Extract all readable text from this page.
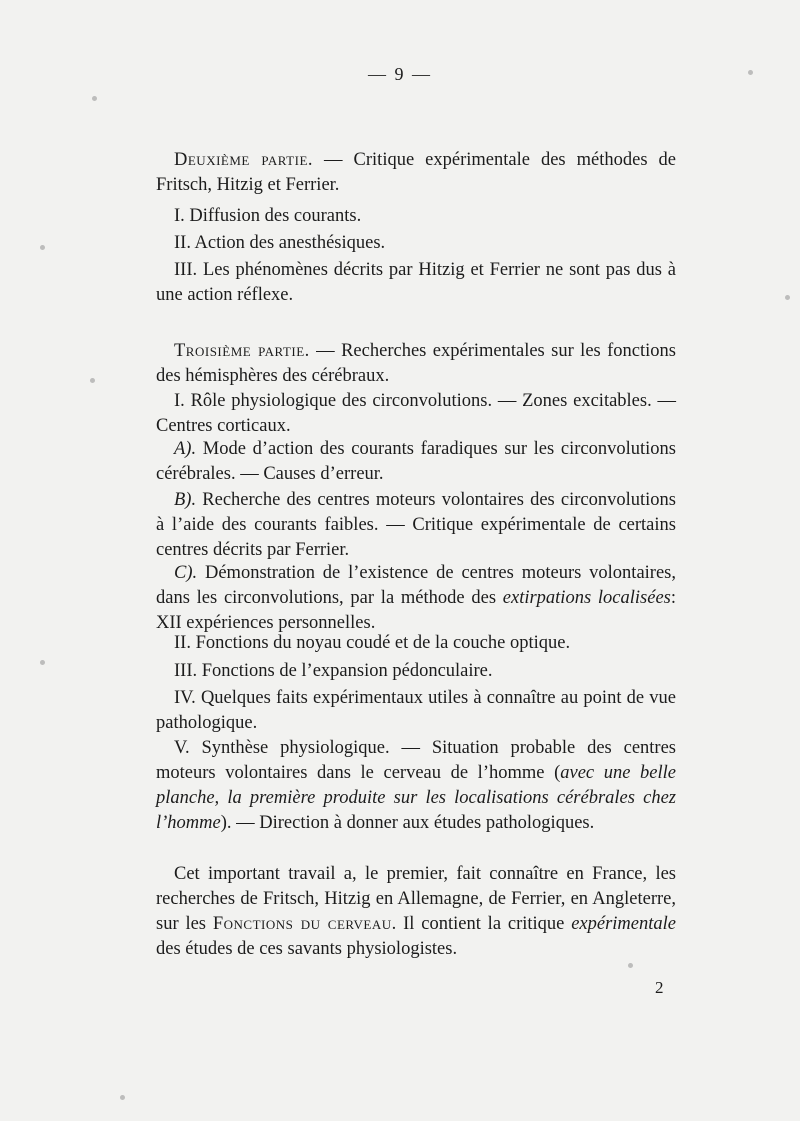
— 9 —

Deuxième partie. — Critique expérimentale des méthodes de Fritsch, Hitzig et Ferrier.

I. Diffusion des courants.

II. Action des anesthésiques.

III. Les phénomènes décrits par Hitzig et Ferrier ne sont pas dus à une action réflexe.

Troisième partie. — Recherches expérimentales sur les fonctions des hémisphères des cérébraux.

I. Rôle physiologique des circonvolutions. — Zones excitables. — Centres corticaux.

A). Mode d’action des courants faradiques sur les circonvolutions cérébrales. — Causes d’erreur.

B). Recherche des centres moteurs volontaires des circonvolutions à l’aide des courants faibles. — Critique expérimentale de certains centres décrits par Ferrier.

C). Démonstration de l’existence de centres moteurs volontaires, dans les circonvolutions, par la méthode des extirpations localisées: XII expériences personnelles.

II. Fonctions du noyau coudé et de la couche optique.

III. Fonctions de l’expansion pédonculaire.

IV. Quelques faits expérimentaux utiles à connaître au point de vue pathologique.

V. Synthèse physiologique. — Situation probable des centres moteurs volontaires dans le cerveau de l’homme (avec une belle planche, la première produite sur les localisations cérébrales chez l’homme). — Direction à donner aux études pathologiques.

Cet important travail a, le premier, fait connaître en France, les recherches de Fritsch, Hitzig en Allemagne, de Ferrier, en Angleterre, sur les Fonctions du cerveau. Il contient la critique expérimentale des études de ces savants physiologistes.

2
